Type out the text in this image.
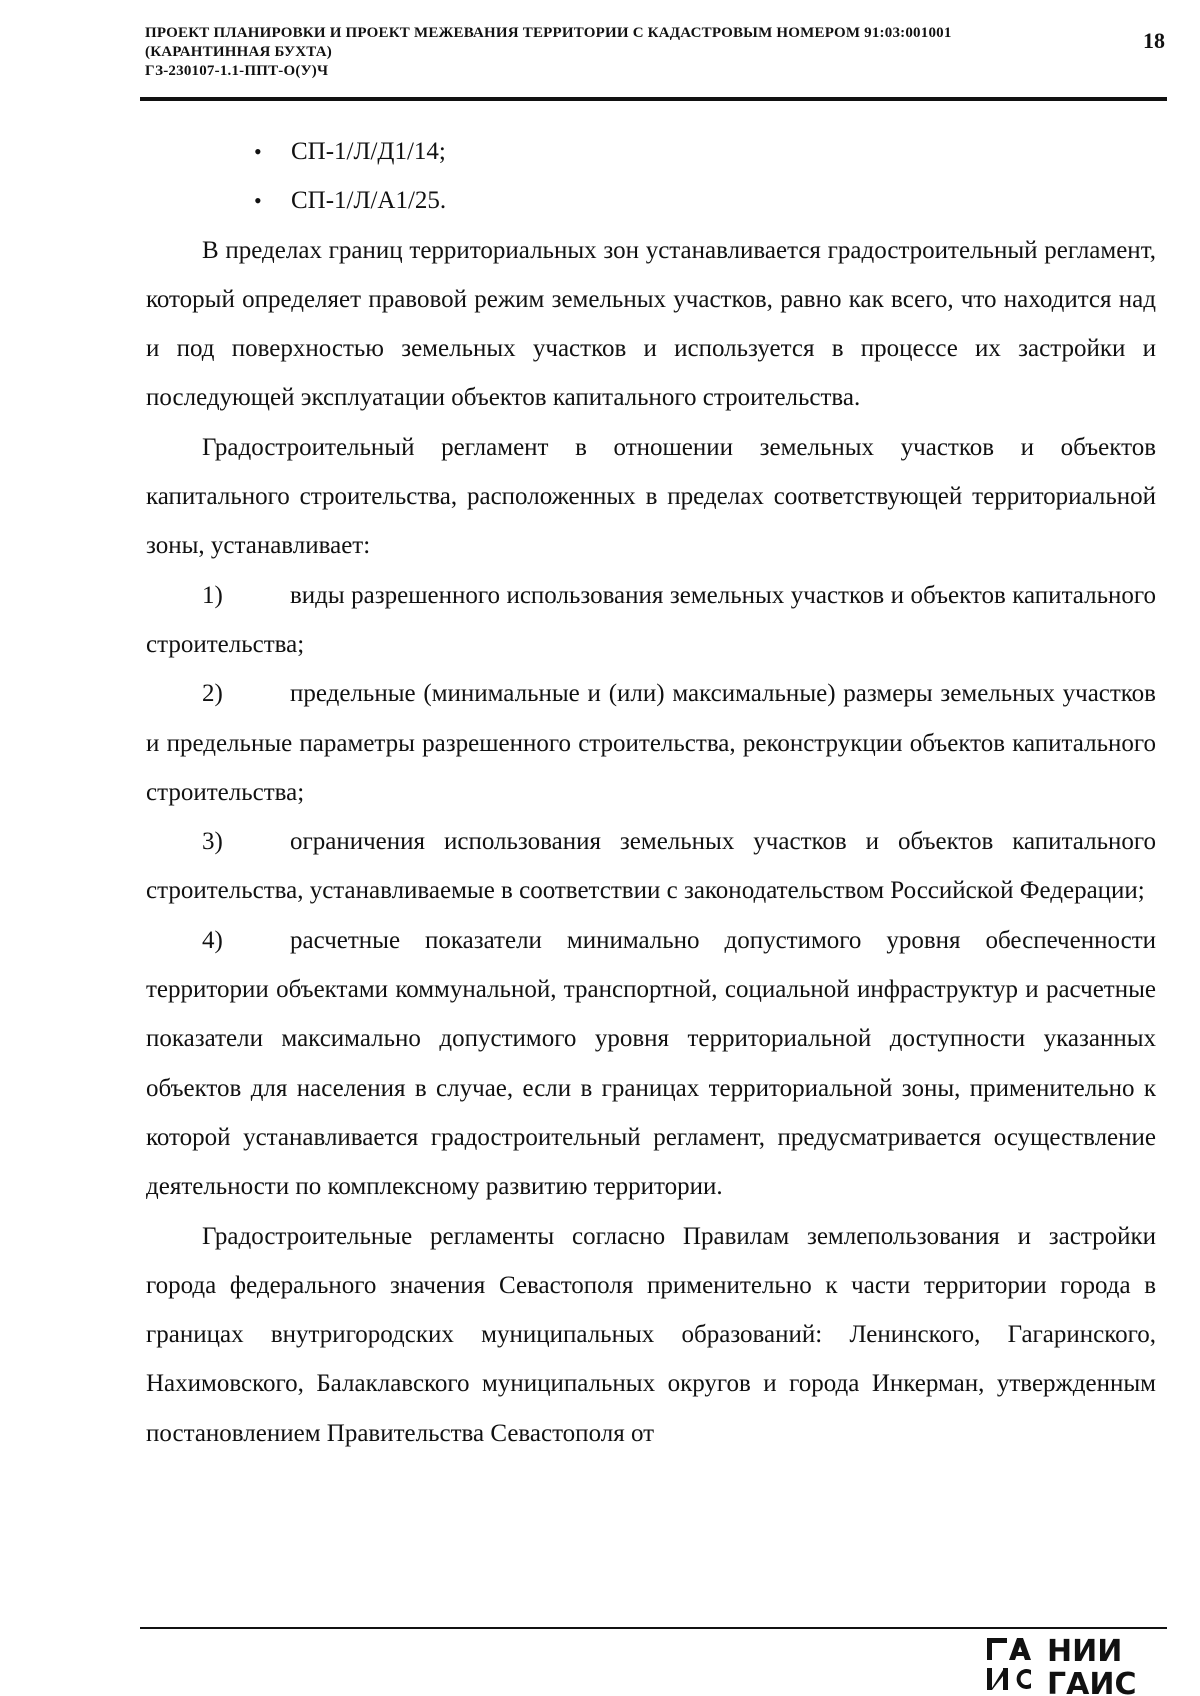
ПРОЕКТ ПЛАНИРОВКИ И ПРОЕКТ МЕЖЕВАНИЯ ТЕРРИТОРИИ С КАДАСТРОВЫМ НОМЕРОМ 91:03:001001
(КАРАНТИННАЯ БУХТА)
ГЗ-230107-1.1-ППТ-О(У)Ч
18
• СП-1/Л/Д1/14;
• СП-1/Л/А1/25.

В пределах границ территориальных зон устанавливается градостроительный регламент, который определяет правовой режим земельных участков, равно как всего, что находится над и под поверхностью земельных участков и используется в процессе их застройки и последующей эксплуатации объектов капитального строительства.

Градостроительный регламент в отношении земельных участков и объектов капитального строительства, расположенных в пределах соответствующей территориальной зоны, устанавливает:

1)	виды разрешенного использования земельных участков и объектов капитального строительства;

2)	предельные (минимальные и (или) максимальные) размеры земельных участков и предельные параметры разрешенного строительства, реконструкции объектов капитального строительства;

3)	ограничения использования земельных участков и объектов капитального строительства, устанавливаемые в соответствии с законодательством Российской Федерации;

4)	расчетные показатели минимально допустимого уровня обеспеченности территории объектами коммунальной, транспортной, социальной инфраструктур и расчетные показатели максимально допустимого уровня территориальной доступности указанных объектов для населения в случае, если в границах территориальной зоны, применительно к которой устанавливается градостроительный регламент, предусматривается осуществление деятельности по комплексному развитию территории.

Градостроительные регламенты согласно Правилам землепользования и застройки города федерального значения Севастополя применительно к части территории города в границах внутригородских муниципальных образований: Ленинского, Гагаринского, Нахимовского, Балаклавского муниципальных округов и города Инкерман, утвержденным постановлением Правительства Севастополя от

НИИ
ГАИС
